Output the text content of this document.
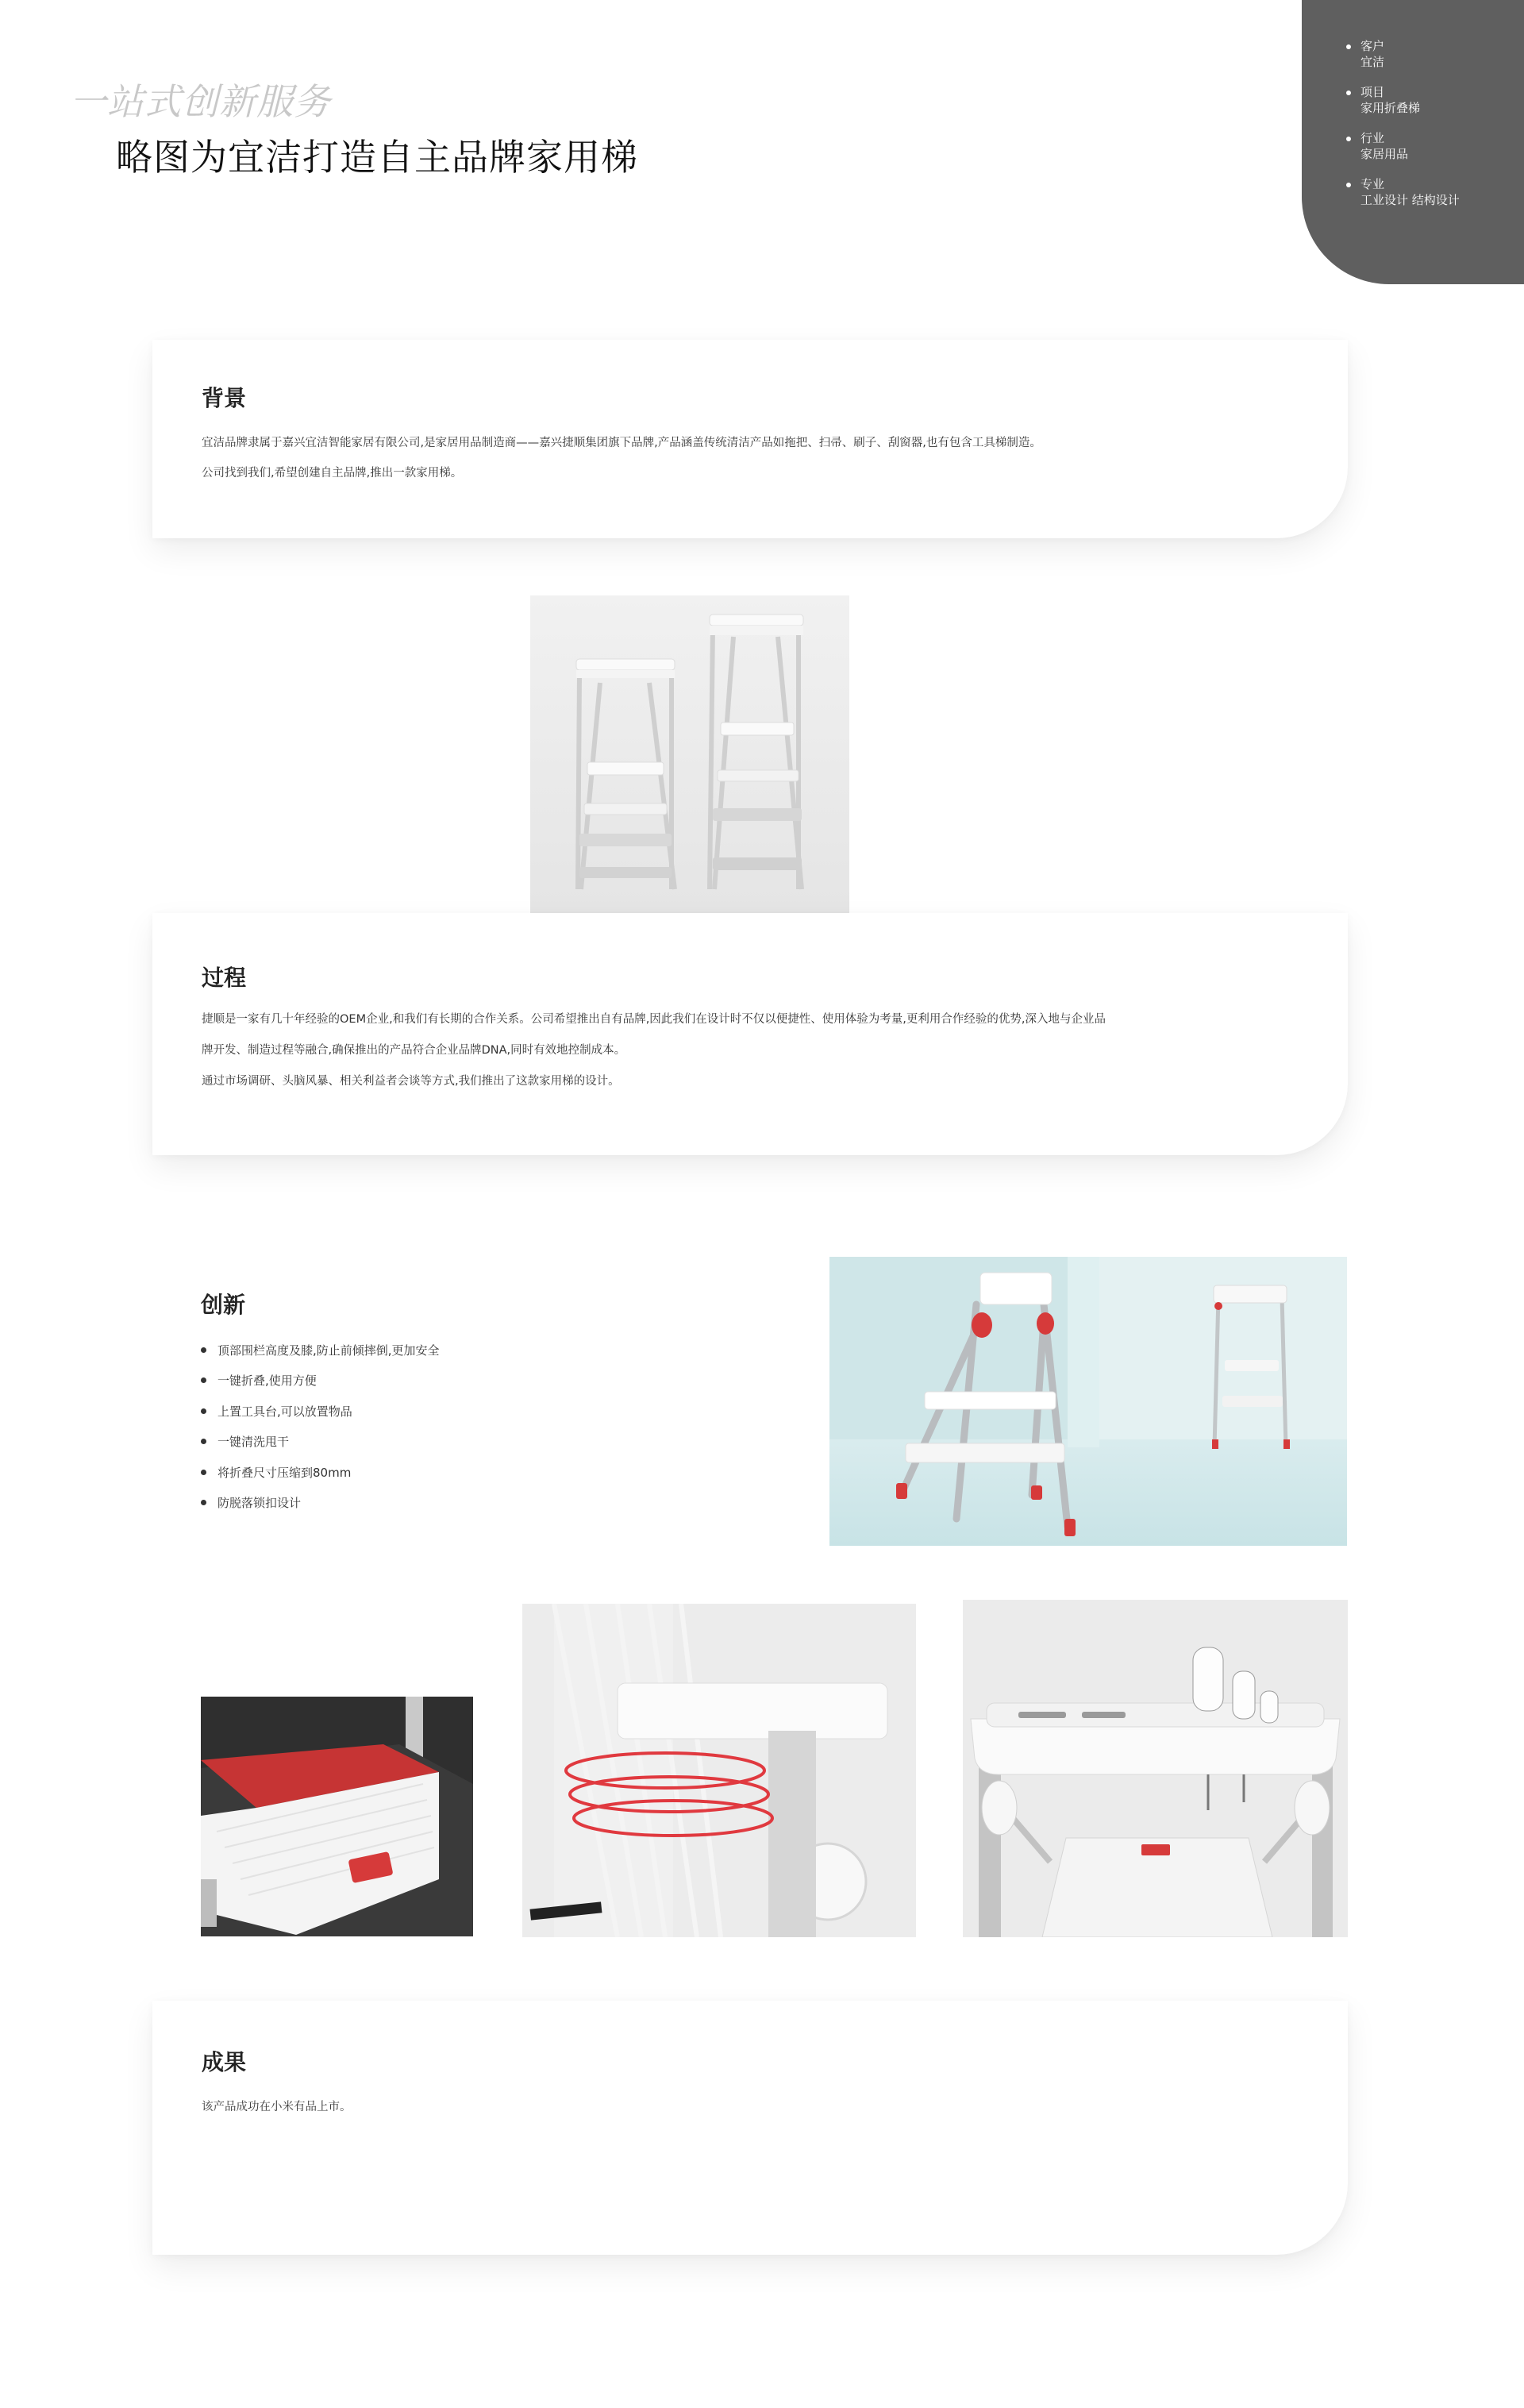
一站式创新服务
略图为宜洁打造自主品牌家用梯
客户
宜洁
项目
家用折叠梯
行业
家居用品
专业
工业设计 结构设计
背景
宜洁品牌隶属于嘉兴宜洁智能家居有限公司,是家居用品制造商——嘉兴捷顺集团旗下品牌,产品涵盖传统清洁产品如拖把、扫帚、刷子、刮窗器,也有包含工具梯制造。
公司找到我们,希望创建自主品牌,推出一款家用梯。
过程
捷顺是一家有几十年经验的OEM企业,和我们有长期的合作关系。公司希望推出自有品牌,因此我们在设计时不仅以便捷性、使用体验为考量,更利用合作经验的优势,深入地与企业品
牌开发、制造过程等融合,确保推出的产品符合企业品牌DNA,同时有效地控制成本。
通过市场调研、头脑风暴、相关利益者会谈等方式,我们推出了这款家用梯的设计。
创新
顶部围栏高度及膝,防止前倾摔倒,更加安全
一键折叠,使用方便
上置工具台,可以放置物品
一键清洗甩干
将折叠尺寸压缩到80mm
防脱落锁扣设计
成果
该产品成功在小米有品上市。
